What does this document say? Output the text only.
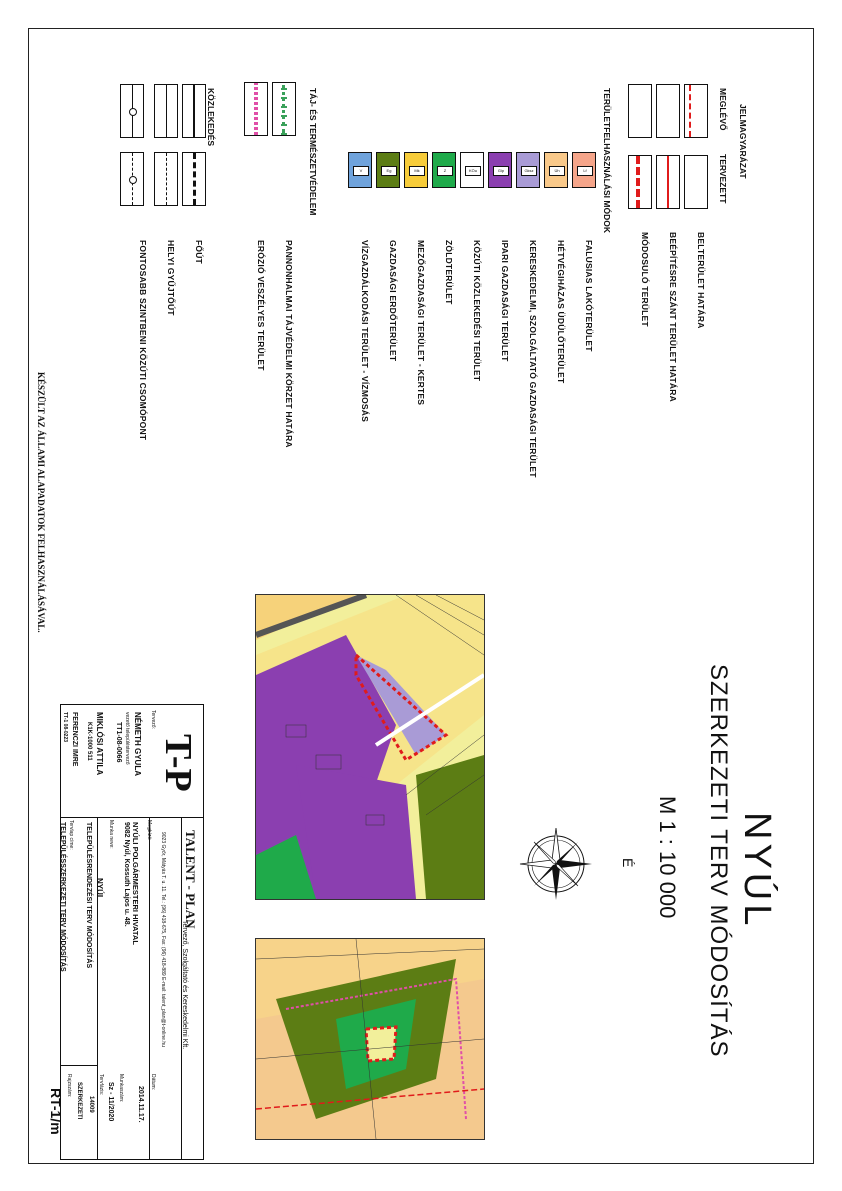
NYÚL
SZERKEZETI TERV MÓDOSÍTÁS
M 1 : 10 000
É
JELMAGYARÁZAT
MEGLÉVŐ
TERVEZETT
BELTERÜLET HATÁRA
BEÉPÍTÉSRE SZÁNT TERÜLET HATÁRA
MÓDOSULÓ TERÜLET
TERÜLETFELHASZNÁLÁSI MÓDOK
Lf
FALUSIAS LAKÓTERÜLET
Üh
HÉTVÉGIHÁZAS ÜDÜLŐTERÜLET
Gksz
KERESKEDELMI, SZOLGÁLTATÓ GAZDASÁGI TERÜLET
Gip
IPARI GAZDASÁGI TERÜLET
KÖu
KÖZÚTI KÖZLEKEDÉSI TERÜLET
Z
ZÖLDTERÜLET
Mk
MEZŐGAZDASÁGI TERÜLET - KERTES
Eg
GAZDASÁGI ERDŐTERÜLET
V
VÍZGAZDÁLKODÁSI TERÜLET - VÍZMOSÁS
TÁJ- ÉS TERMÉSZETVÉDELEM
PANNONHALMAI TÁJVÉDELMI KÖRZET HATÁRA
ERÓZIÓ VESZÉLYES TERÜLET
KÖZLEKEDÉS
FŐÚT
HELYI GYŰJTŐÚT
FONTOSABB SZINTBENI KÖZÚTI CSOMÓPONT
KÉSZÜLT AZ ÁLLAMI ALAPADATOK FELHASZNÁLÁSÁVAL.
T-P
TALENT - PLAN
Tervező, Szolgáltató és Kereskedelmi Kft.
9023 Győr, Mátyás T. u. 11. Tel.: (96) 418-675, Fax: (96) 418-889 E-mail: talent_plan@t-online.hu
Tervező:
NÉMETH GYULA
vezető településtervező
TT1-08-0066
MIKLÓSI ATTILA
K1K-1000 511
FERENCZI IMRE
TT-1 08-0223
Megbízó:
NYÚLI POLGÁRMESTERI HIVATAL
9082 Nyúl, Kossuth Lajos u. 48.
Munka neve:
NYÚL
TELEPÜLÉSRENDEZÉSI TERV MÓDOSÍTÁS
Tervlap címe:
TELEPÜLÉSSZERKEZETI TERV MÓDOSÍTÁS
Dátum:
2014.11.17.
Munkaszám:
Sz - 11/2020
Tervfázis:
14009
SZERKEZETI
Rajzszám:
RT-1/m
